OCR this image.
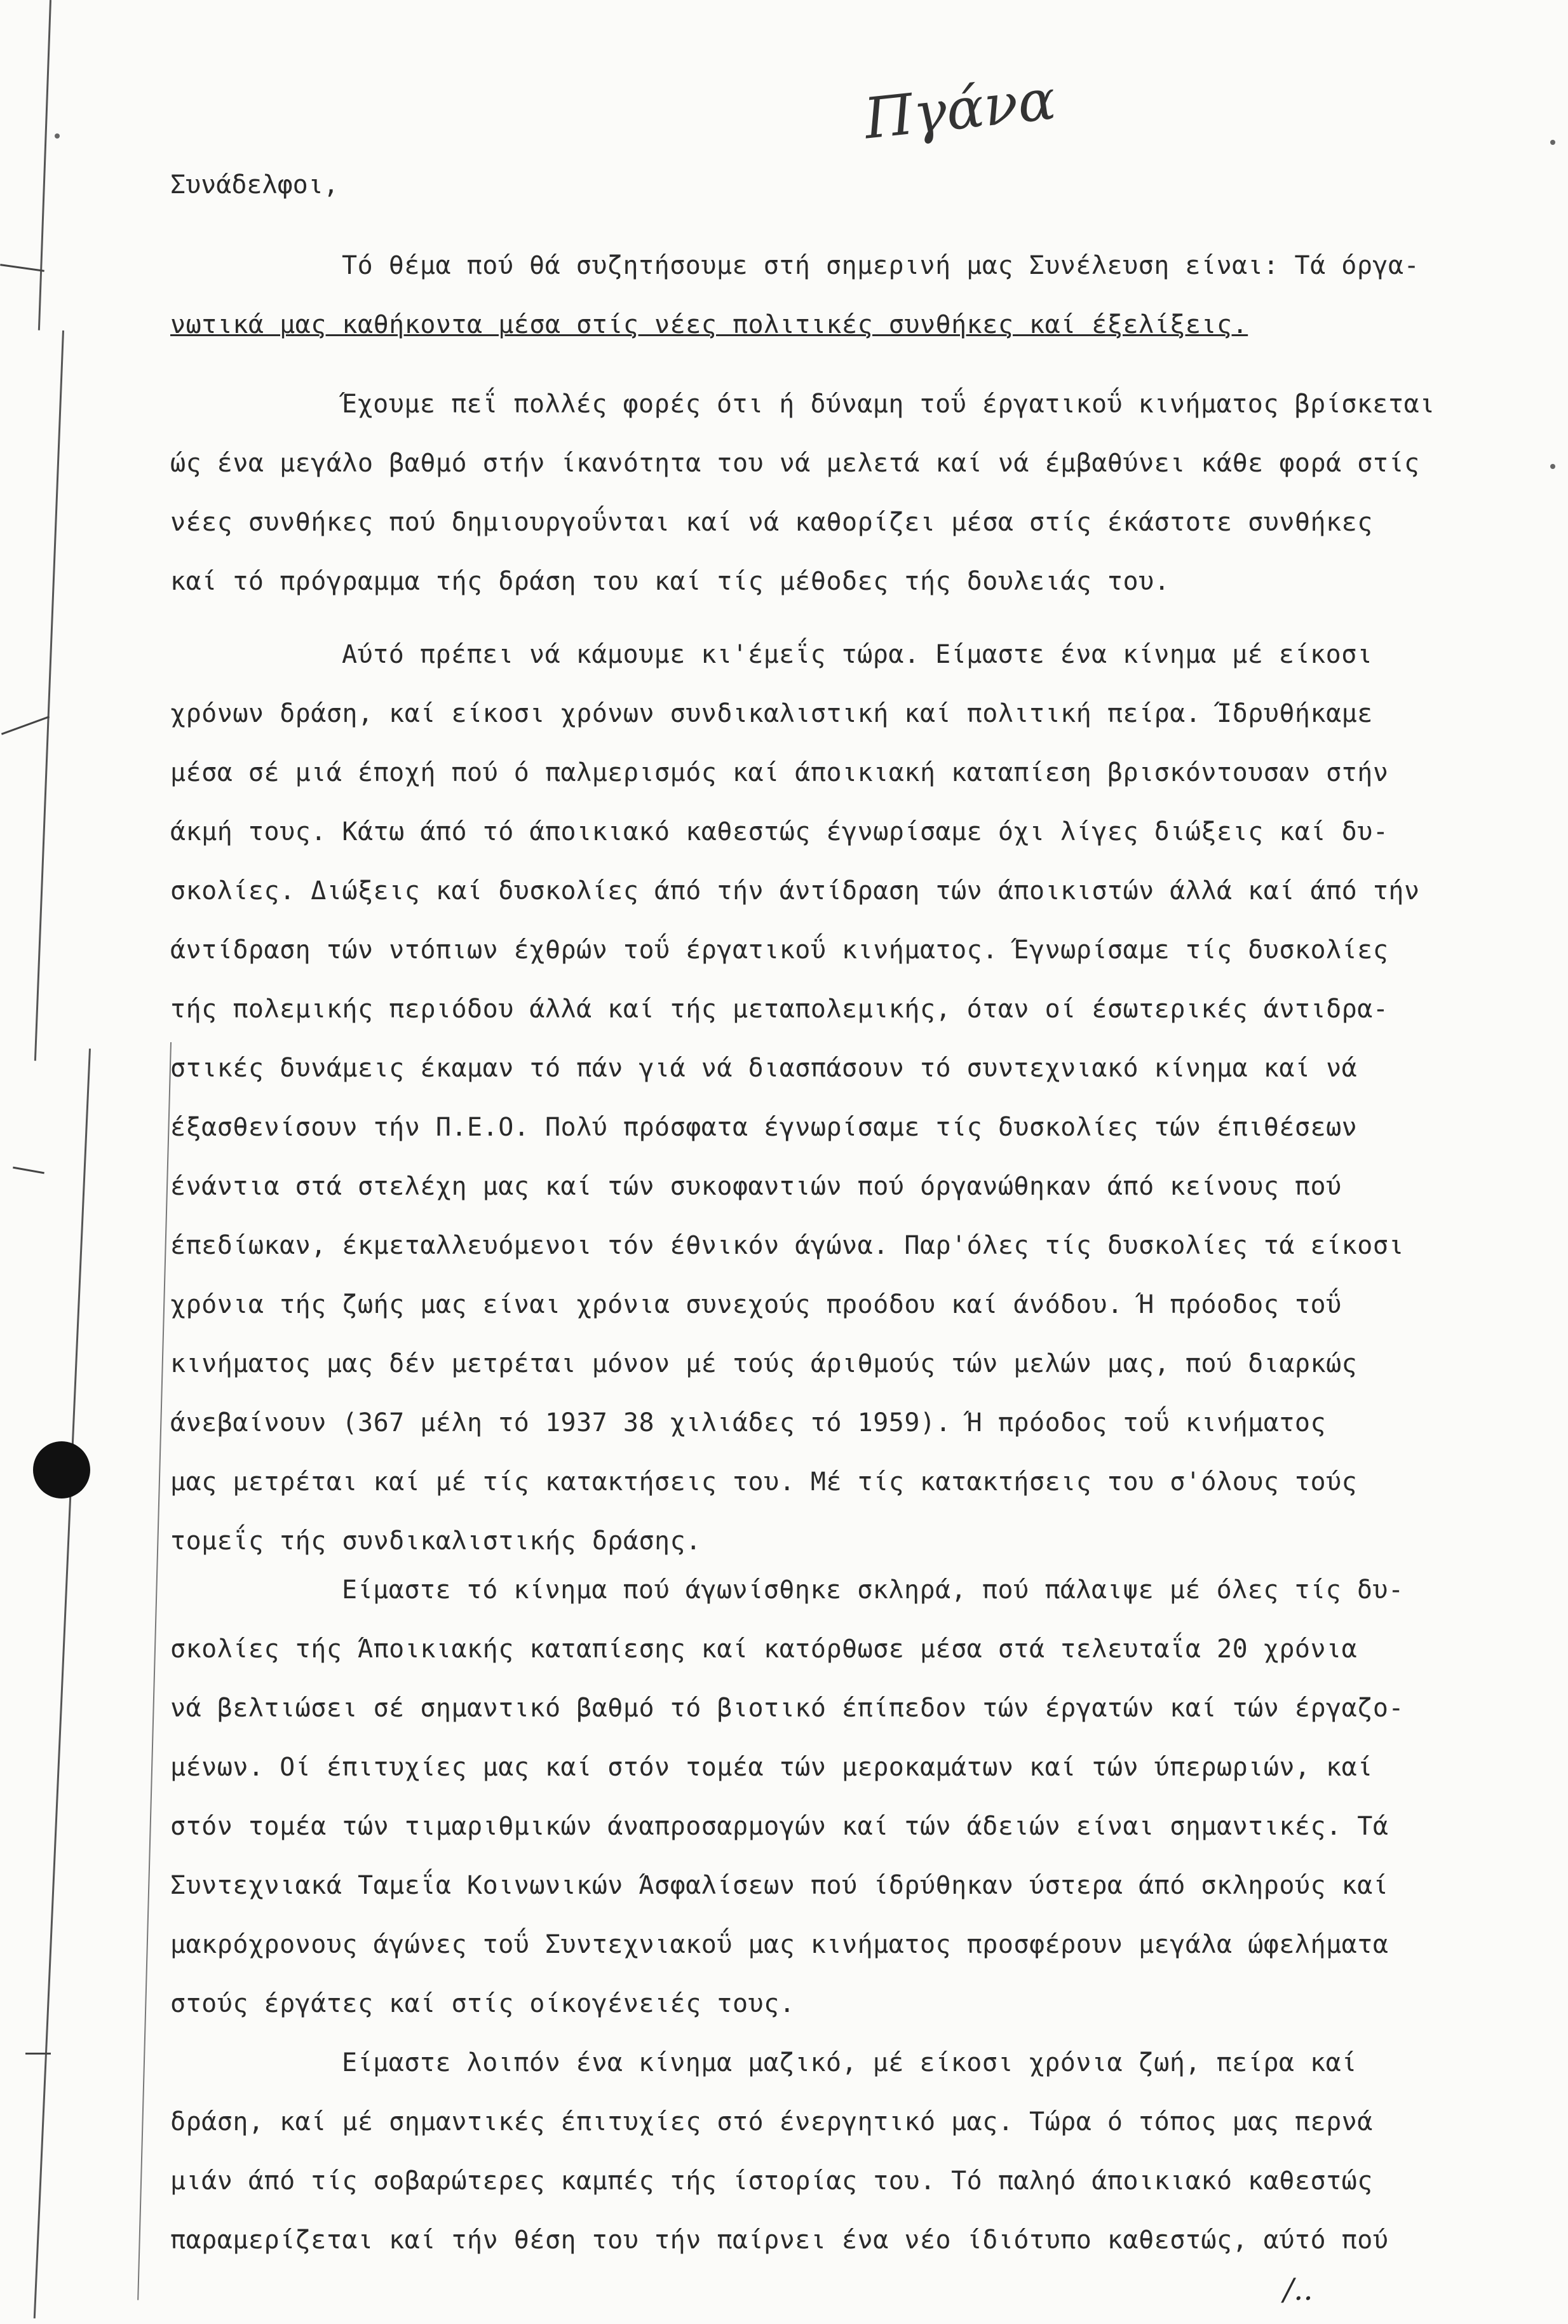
Πγάνα
Συνάδελφοι,
Τό θέμα πού θά συζητήσουμε στή σημερινή μας Συνέλευση είναι: Τά όργα-
νωτικά μας καθήκοντα μέσα στίς νέες πολιτικές συνθήκες καί έξελίξεις.
Έχουμε πεΐ πολλές φορές ότι ή δύναμη τοΰ έργατικοΰ κινήματος βρίσκεται
ώς ένα μεγάλο βαθμό στήν ίκανότητα του νά μελετά καί νά έμβαθύνει κάθε φορά στίς
νέες συνθήκες πού δημιουργοΰνται καί νά καθορίζει μέσα στίς έκάστοτε συνθήκες
καί τό πρόγραμμα τής δράση του καί τίς μέθοδες τής δουλειάς του.
Αύτό πρέπει νά κάμουμε κι'έμεΐς τώρα. Είμαστε ένα κίνημα μέ είκοσι
χρόνων δράση, καί είκοσι χρόνων συνδικαλιστική καί πολιτική πείρα. Ίδρυθήκαμε
μέσα σέ μιά έποχή πού ό παλμερισμός καί άποικιακή καταπίεση βρισκόντουσαν στήν
άκμή τους. Κάτω άπό τό άποικιακό καθεστώς έγνωρίσαμε όχι λίγες διώξεις καί δυ-
σκολίες. Διώξεις καί δυσκολίες άπό τήν άντίδραση τών άποικιστών άλλά καί άπό τήν
άντίδραση τών ντόπιων έχθρών τοΰ έργατικοΰ κινήματος. Έγνωρίσαμε τίς δυσκολίες
τής πολεμικής περιόδου άλλά καί τής μεταπολεμικής, όταν οί έσωτερικές άντιδρα-
στικές δυνάμεις έκαμαν τό πάν γιά νά διασπάσουν τό συντεχνιακό κίνημα καί νά
έξασθενίσουν τήν Π.Ε.Ο. Πολύ πρόσφατα έγνωρίσαμε τίς δυσκολίες τών έπιθέσεων
ένάντια στά στελέχη μας καί τών συκοφαντιών πού όργανώθηκαν άπό κείνους πού
έπεδίωκαν, έκμεταλλευόμενοι τόν έθνικόν άγώνα. Παρ'όλες τίς δυσκολίες τά είκοσι
χρόνια τής ζωής μας είναι χρόνια συνεχούς προόδου καί άνόδου. Ή πρόοδος τοΰ
κινήματος μας δέν μετρέται μόνον μέ τούς άριθμούς τών μελών μας, πού διαρκώς
άνεβαίνουν (367 μέλη τό 1937 38 χιλιάδες τό 1959). Ή πρόοδος τοΰ κινήματος
μας μετρέται καί μέ τίς κατακτήσεις του. Μέ τίς κατακτήσεις του σ'όλους τούς
τομεΐς τής συνδικαλιστικής δράσης.
Είμαστε τό κίνημα πού άγωνίσθηκε σκληρά, πού πάλαιψε μέ όλες τίς δυ-
σκολίες τής Άποικιακής καταπίεσης καί κατόρθωσε μέσα στά τελευταΐα 20 χρόνια
νά βελτιώσει σέ σημαντικό βαθμό τό βιοτικό έπίπεδον τών έργατών καί τών έργαζο-
μένων. Οί έπιτυχίες μας καί στόν τομέα τών μεροκαμάτων καί τών ύπερωριών, καί
στόν τομέα τών τιμαριθμικών άναπροσαρμογών καί τών άδειών είναι σημαντικές. Τά
Συντεχνιακά Ταμεΐα Κοινωνικών Άσφαλίσεων πού ίδρύθηκαν ύστερα άπό σκληρούς καί
μακρόχρονους άγώνες τοΰ Συντεχνιακοΰ μας κινήματος προσφέρουν μεγάλα ώφελήματα
στούς έργάτες καί στίς οίκογένειές τους.
Είμαστε λοιπόν ένα κίνημα μαζικό, μέ είκοσι χρόνια ζωή, πείρα καί
δράση, καί μέ σημαντικές έπιτυχίες στό ένεργητικό μας. Τώρα ό τόπος μας περνά
μιάν άπό τίς σοβαρώτερες καμπές τής ίστορίας του. Τό παληό άποικιακό καθεστώς
παραμερίζεται καί τήν θέση του τήν παίρνει ένα νέο ίδιότυπο καθεστώς, αύτό πού
/..
